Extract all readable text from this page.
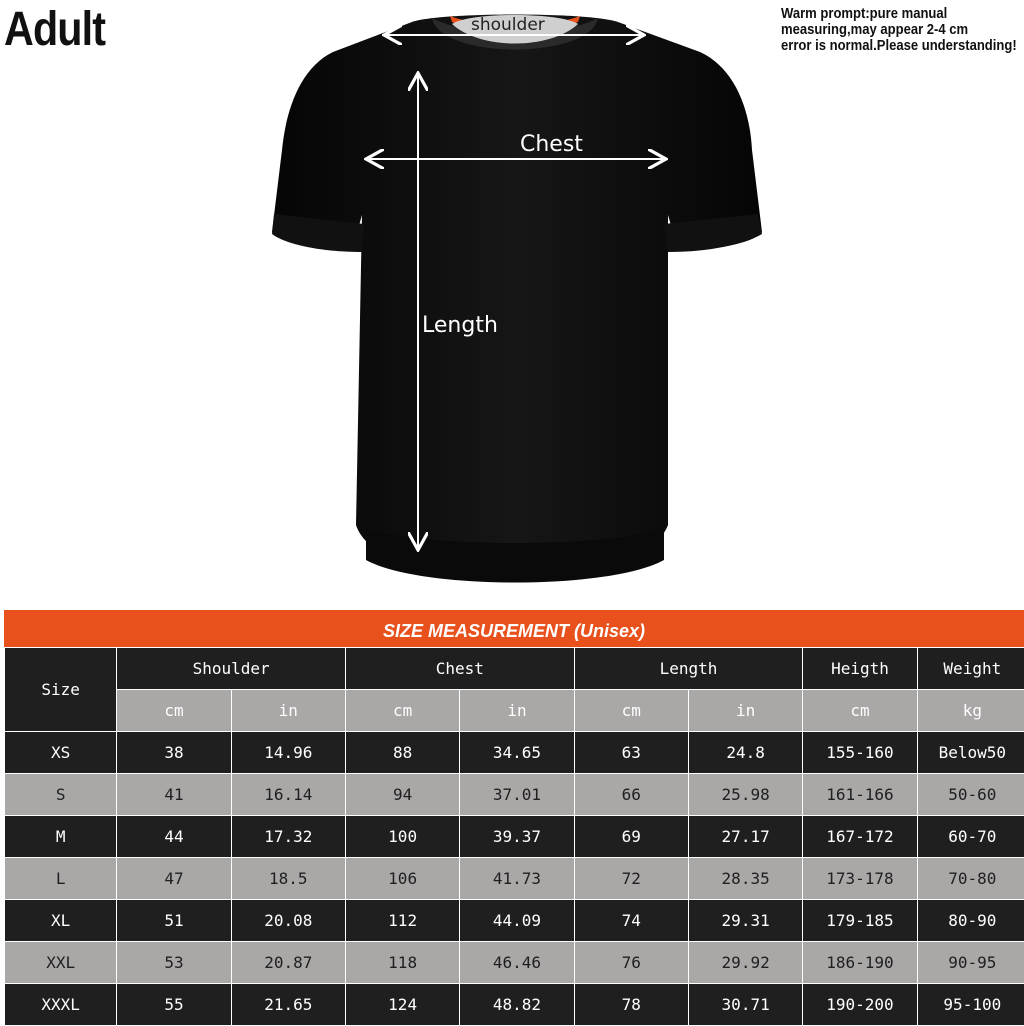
Adult	Warm prompt:pure manual
measuring,may appear 2-4 cm
error is normal.Please understanding!
shoulder
Chest
Length
SIZE MEASUREMENT (Unisex)
Size	Shoulder		Chest		Length		Heigth	Weight
	cm	in	cm	in	cm	in	cm	kg
XS	38	14.96	88	34.65	63	24.8	155-160	Below50
S	41	16.14	94	37.01	66	25.98	161-166	50-60
M	44	17.32	100	39.37	69	27.17	167-172	60-70
L	47	18.5	106	41.73	72	28.35	173-178	70-80
XL	51	20.08	112	44.09	74	29.31	179-185	80-90
XXL	53	20.87	118	46.46	76	29.92	186-190	90-95
XXXL	55	21.65	124	48.82	78	30.71	190-200	95-100
